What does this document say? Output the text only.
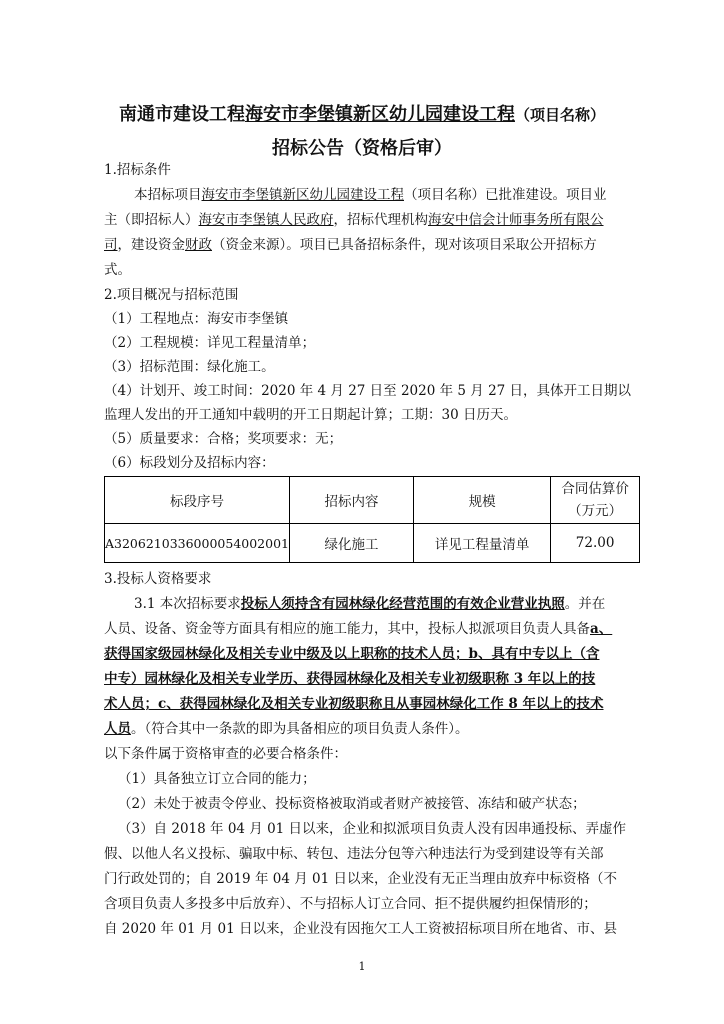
南通市建设工程海安市李堡镇新区幼儿园建设工程（项目名称）
招标公告（资格后审）
1.招标条件
本招标项目海安市李堡镇新区幼儿园建设工程（项目名称）已批准建设。项目业
主（即招标人）海安市李堡镇人民政府，招标代理机构海安中信会计师事务所有限公
司，建设资金财政（资金来源）。项目已具备招标条件，现对该项目采取公开招标方
式。
2.项目概况与招标范围
（1）工程地点：海安市李堡镇
（2）工程规模：详见工程量清单；
（3）招标范围：绿化施工。
（4）计划开、竣工时间：2020 年 4 月 27 日至 2020 年 5 月 27 日，具体开工日期以
监理人发出的开工通知中载明的开工日期起计算；工期：30 日历天。
（5）质量要求：合格；奖项要求：无；
（6）标段划分及招标内容：
标段序号	招标内容	规模	合同估算价
（万元）

A3206210336000054002001	绿化施工	详见工程量清单	72.00
3.投标人资格要求
3.1 本次招标要求投标人须持含有园林绿化经营范围的有效企业营业执照。并在
人员、设备、资金等方面具有相应的施工能力，其中，投标人拟派项目负责人具备a、
获得国家级园林绿化及相关专业中级及以上职称的技术人员；b、具有中专以上（含
中专）园林绿化及相关专业学历、获得园林绿化及相关专业初级职称 3 年以上的技
术人员；c、获得园林绿化及相关专业初级职称且从事园林绿化工作 8 年以上的技术
人员。（符合其中一条款的即为具备相应的项目负责人条件）。
以下条件属于资格审查的必要合格条件：
（1）具备独立订立合同的能力；
（2）未处于被责令停业、投标资格被取消或者财产被接管、冻结和破产状态；
（3）自 2018 年 04 月 01 日以来，企业和拟派项目负责人没有因串通投标、弄虚作
假、以他人名义投标、骗取中标、转包、违法分包等六种违法行为受到建设等有关部
门行政处罚的；自 2019 年 04 月 01 日以来，企业没有无正当理由放弃中标资格（不
含项目负责人多投多中后放弃）、不与招标人订立合同、拒不提供履约担保情形的；
自 2020 年 01 月 01 日以来，企业没有因拖欠工人工资被招标项目所在地省、市、县
1
